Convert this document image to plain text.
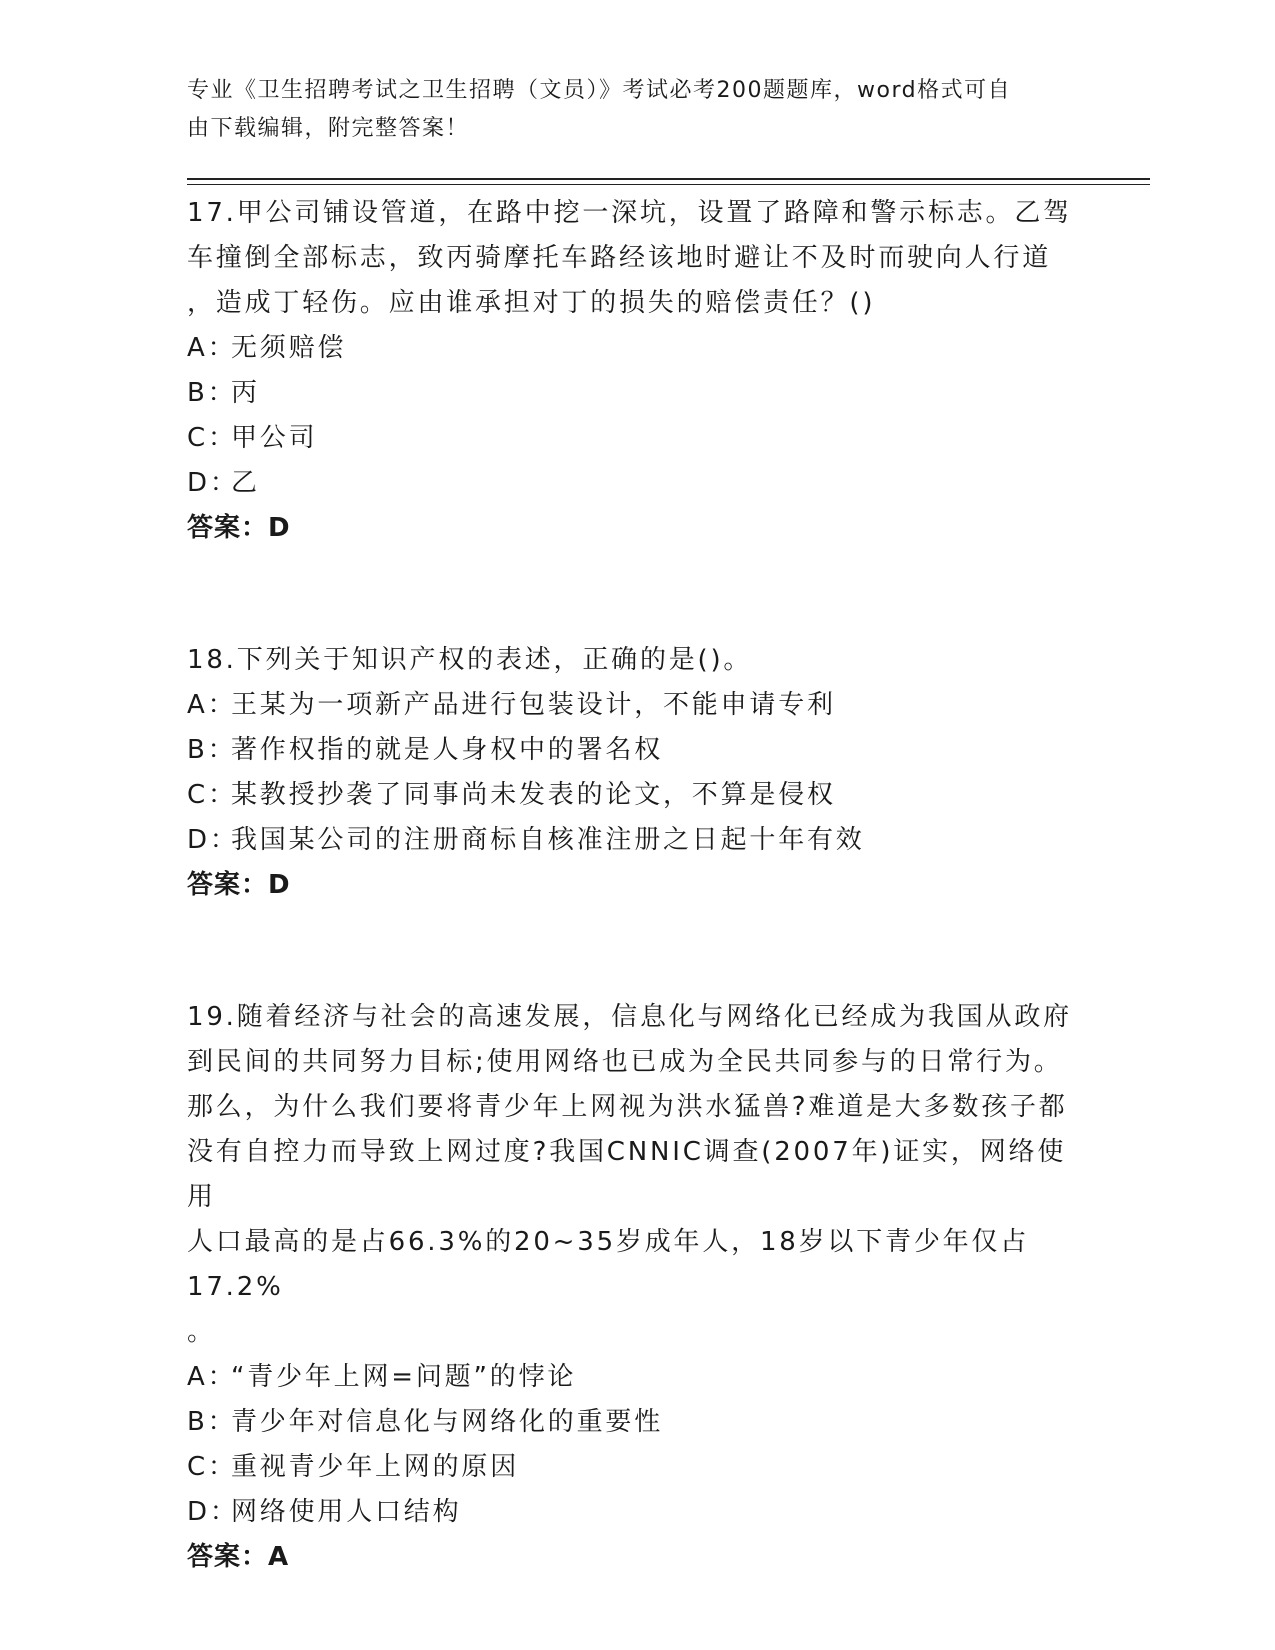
专业《卫生招聘考试之卫生招聘（文员）》考试必考200题题库，word格式可自
由下载编辑，附完整答案！
17.甲公司铺设管道，在路中挖一深坑，设置了路障和警示标志。乙驾
车撞倒全部标志，致丙骑摩托车路经该地时避让不及时而驶向人行道
，造成丁轻伤。应由谁承担对丁的损失的赔偿责任？()
A：无须赔偿
B：丙
C：甲公司
D：乙
答案：D
18.下列关于知识产权的表述，正确的是()。
A：王某为一项新产品进行包装设计，不能申请专利
B：著作权指的就是人身权中的署名权
C：某教授抄袭了同事尚未发表的论文，不算是侵权
D：我国某公司的注册商标自核准注册之日起十年有效
答案：D
19.随着经济与社会的高速发展，信息化与网络化已经成为我国从政府
到民间的共同努力目标;使用网络也已成为全民共同参与的日常行为。
那么，为什么我们要将青少年上网视为洪水猛兽?难道是大多数孩子都
没有自控力而导致上网过度?我国CNNIC调查(2007年)证实，网络使用
人口最高的是占66.3%的20~35岁成年人，18岁以下青少年仅占17.2%
。
A：“青少年上网=问题”的悖论
B：青少年对信息化与网络化的重要性
C：重视青少年上网的原因
D：网络使用人口结构
答案：A
